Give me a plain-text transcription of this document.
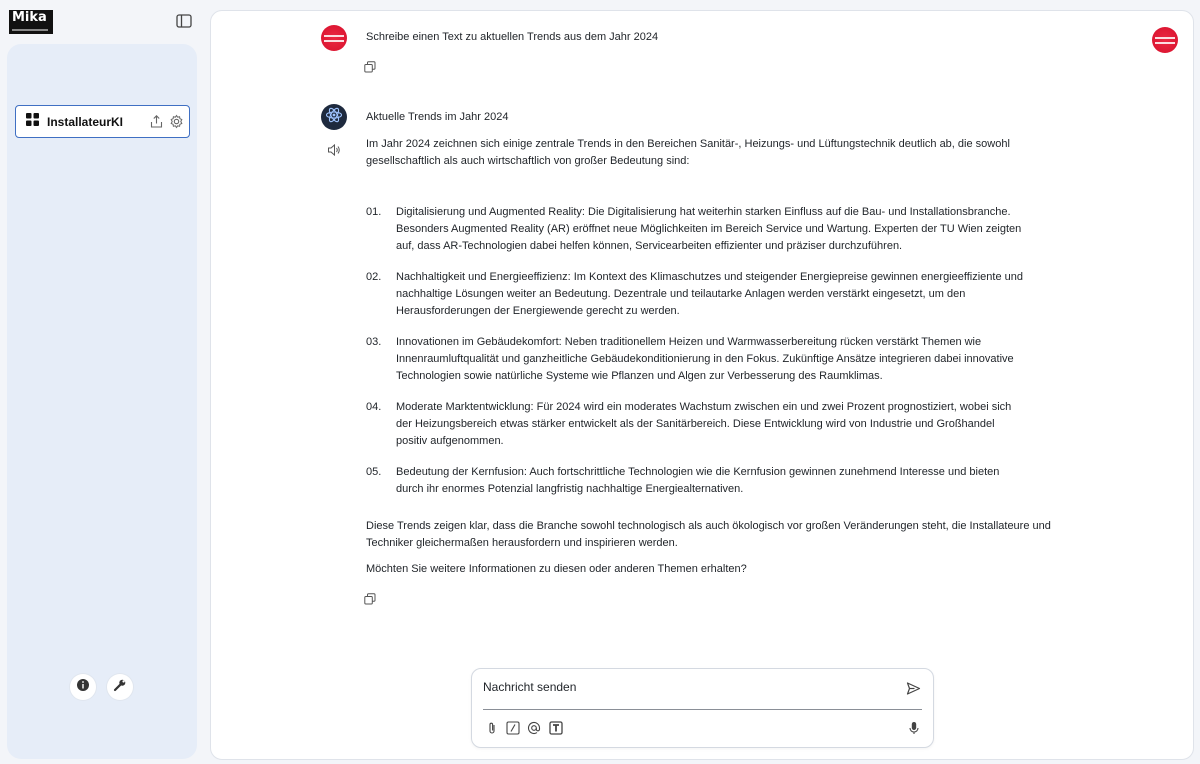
Mika
InstallateurKI
Schreibe einen Text zu aktuellen Trends aus dem Jahr 2024
Aktuelle Trends im Jahr 2024
Im Jahr 2024 zeichnen sich einige zentrale Trends in den Bereichen Sanitär-, Heizungs- und Lüftungstechnik deutlich ab, die sowohl gesellschaftlich als auch wirtschaftlich von großer Bedeutung sind:
01.	Digitalisierung und Augmented Reality: Die Digitalisierung hat weiterhin starken Einfluss auf die Bau- und Installationsbranche. Besonders Augmented Reality (AR) eröffnet neue Möglichkeiten im Bereich Service und Wartung. Experten der TU Wien zeigten auf, dass AR-Technologien dabei helfen können, Servicearbeiten effizienter und präziser durchzuführen.
02.	Nachhaltigkeit und Energieeffizienz: Im Kontext des Klimaschutzes und steigender Energiepreise gewinnen energieeffiziente und nachhaltige Lösungen weiter an Bedeutung. Dezentrale und teilautarke Anlagen werden verstärkt eingesetzt, um den Herausforderungen der Energiewende gerecht zu werden.
03.	Innovationen im Gebäudekomfort: Neben traditionellem Heizen und Warmwasserbereitung rücken verstärkt Themen wie Innenraumluftqualität und ganzheitliche Gebäudekonditionierung in den Fokus. Zukünftige Ansätze integrieren dabei innovative Technologien sowie natürliche Systeme wie Pflanzen und Algen zur Verbesserung des Raumklimas.
04.	Moderate Marktentwicklung: Für 2024 wird ein moderates Wachstum zwischen ein und zwei Prozent prognostiziert, wobei sich der Heizungsbereich etwas stärker entwickelt als der Sanitärbereich. Diese Entwicklung wird von Industrie und Großhandel positiv aufgenommen.
05.	Bedeutung der Kernfusion: Auch fortschrittliche Technologien wie die Kernfusion gewinnen zunehmend Interesse und bieten durch ihr enormes Potenzial langfristig nachhaltige Energiealternativen.
Diese Trends zeigen klar, dass die Branche sowohl technologisch als auch ökologisch vor großen Veränderungen steht, die Installateure und Techniker gleichermaßen herausfordern und inspirieren werden.
Möchten Sie weitere Informationen zu diesen oder anderen Themen erhalten?
Nachricht senden
